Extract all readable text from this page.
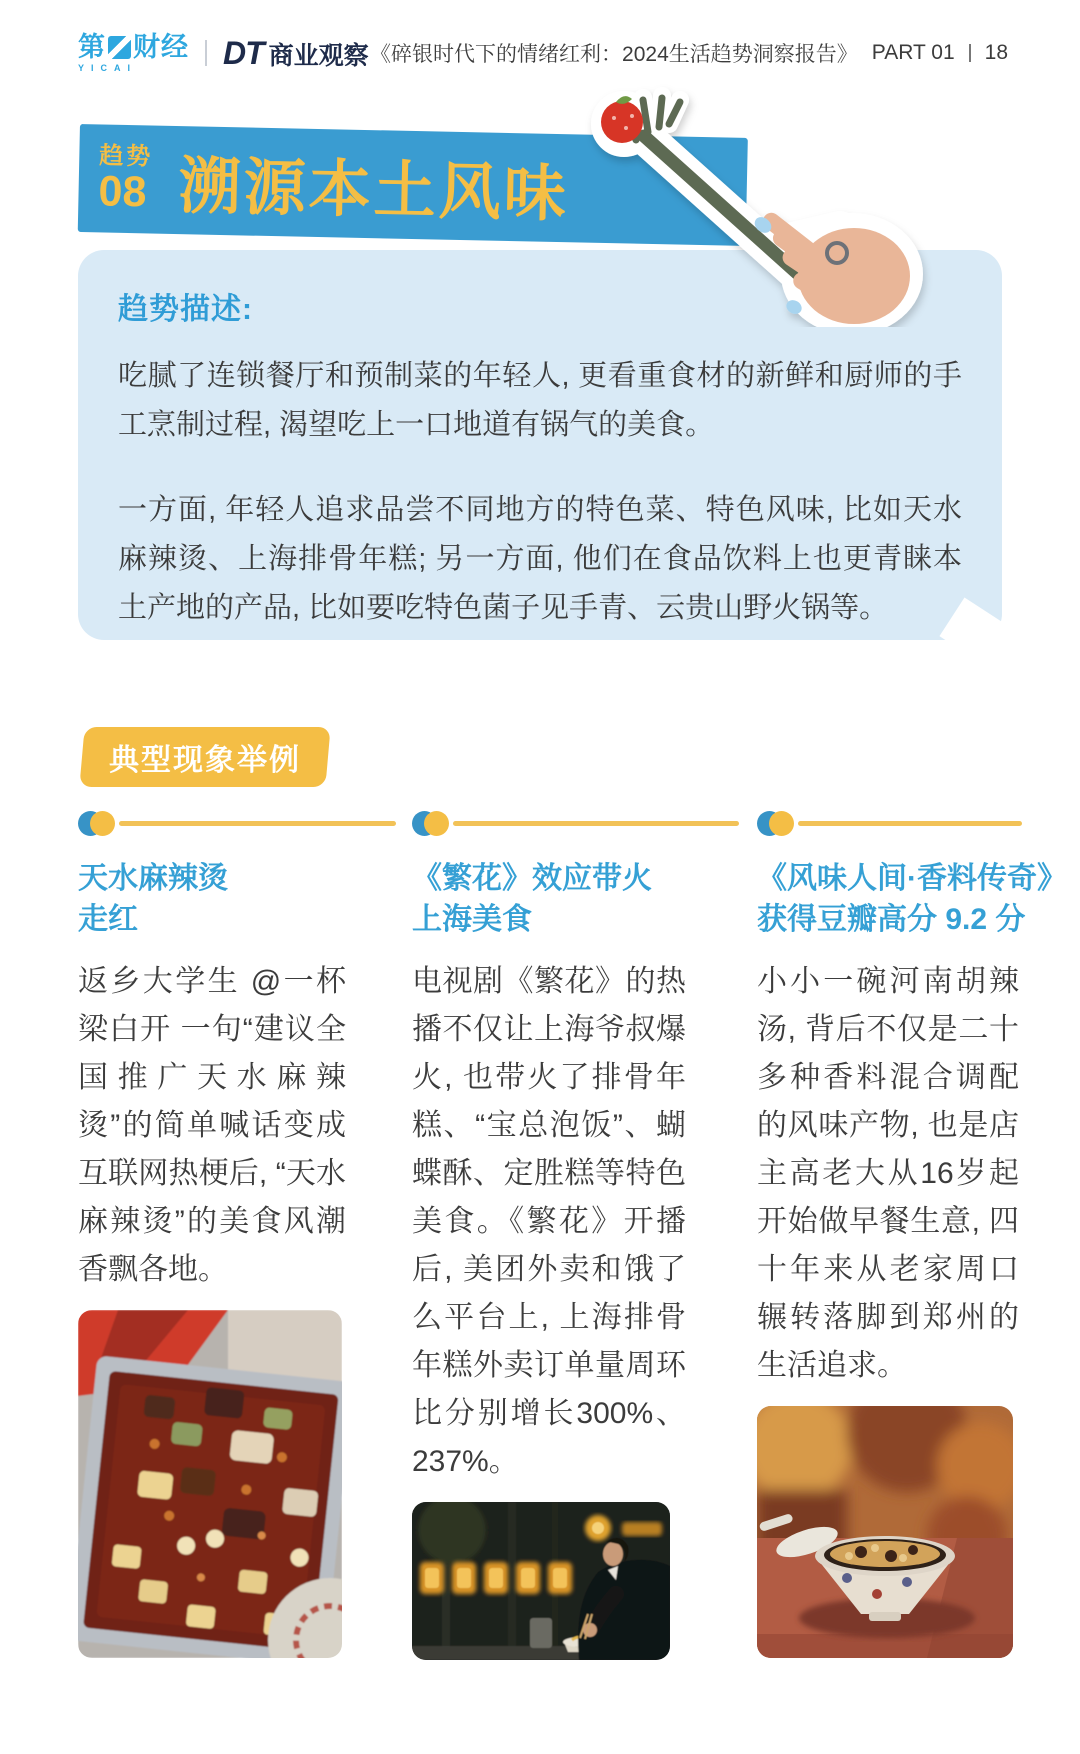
第 财经
YICAI	DT 商业观察 《碎银时代下的情绪红利：2024生活趋势洞察报告》 PART 01 18
趋势
08 溯源本土风味
趋势描述:

吃腻了连锁餐厅和预制菜的年轻人, 更看重食材的新鲜和厨师的手工烹制过程, 渴望吃上一口地道有锅气的美食。

一方面, 年轻人追求品尝不同地方的特色菜、特色风味, 比如天水麻辣烫、上海排骨年糕; 另一方面, 他们在食品饮料上也更青睐本土产地的产品, 比如要吃特色菌子见手青、云贵山野火锅等。

典型现象举例
天水麻辣烫
走红

返乡大学生 @一杯梁白开 一句“建议全国推广天水麻辣烫”的简单喊话变成互联网热梗后, “天水麻辣烫”的美食风潮香飘各地。

《繁花》效应带火
上海美食

电视剧《繁花》的热播不仅让上海爷叔爆火, 也带火了排骨年糕、“宝总泡饭”、蝴蝶酥、定胜糕等特色美食。《繁花》开播后, 美团外卖和饿了么平台上, 上海排骨年糕外卖订单量周环比分别增长300%、237%。

《风味人间·香料传奇》
获得豆瓣高分 9.2 分

小小一碗河南胡辣汤, 背后不仅是二十多种香料混合调配的风味产物, 也是店主高老大从16岁起开始做早餐生意, 四十年来从老家周口辗转落脚到郑州的生活追求。
